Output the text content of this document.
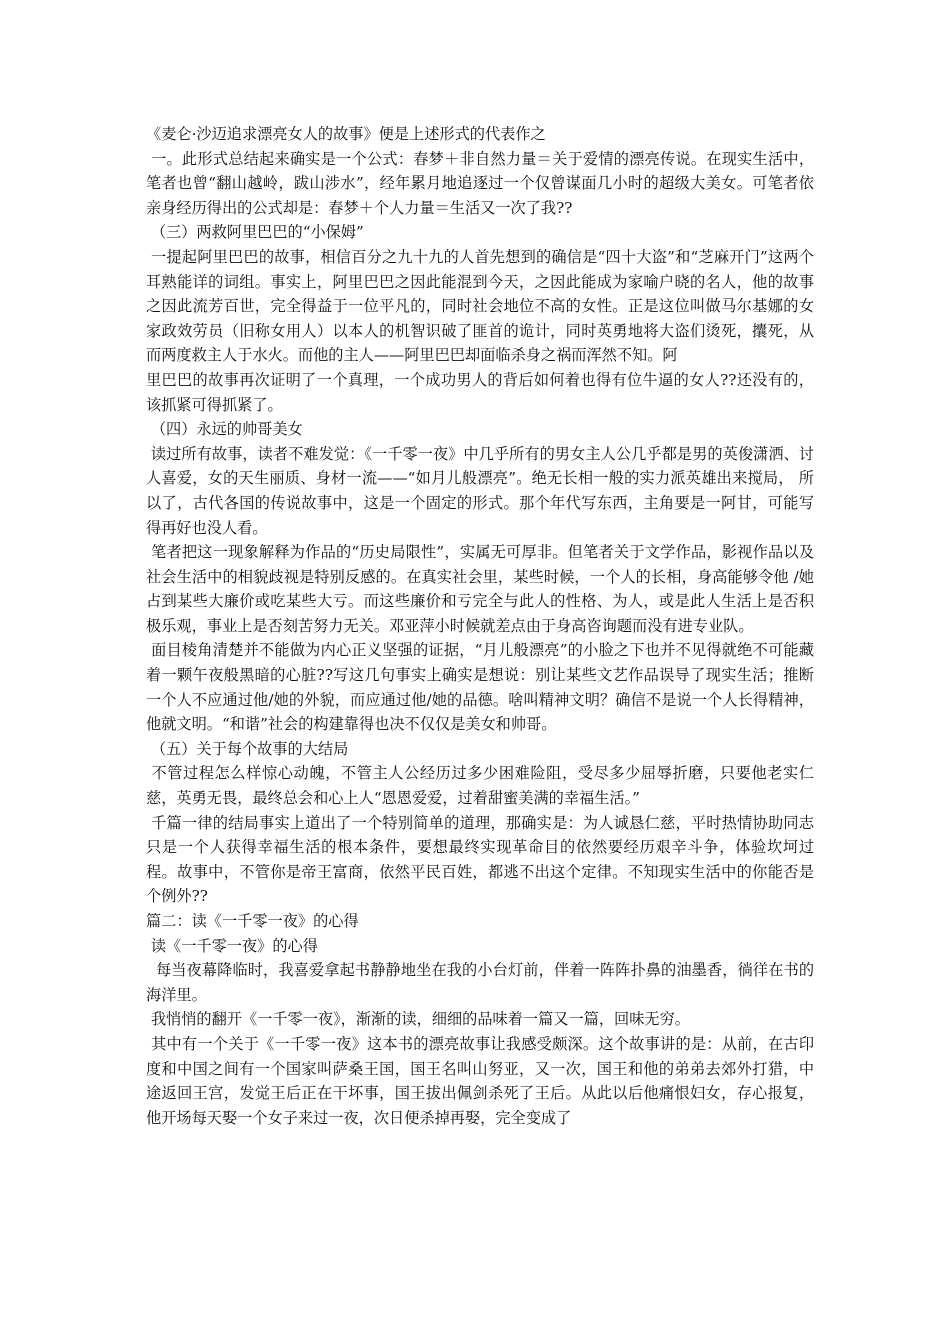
《麦仑·沙迈追求漂亮女人的故事》便是上述形式的代表作之

一。此形式总结起来确实是一个公式：春梦＋非自然力量＝关于爱情的漂亮传说。在现实生活中，笔者也曾“翻山越岭，跋山涉水”，经年累月地追逐过一个仅曾谋面几小时的超级大美女。可笔者依亲身经历得出的公式却是：春梦＋个人力量＝生活又一次了我??

（三）两救阿里巴巴的“小保姆”

一提起阿里巴巴的故事，相信百分之九十九的人首先想到的确信是“四十大盗”和“芝麻开门”这两个耳熟能详的词组。事实上，阿里巴巴之因此能混到今天，之因此能成为家喻户晓的名人，他的故事之因此流芳百世，完全得益于一位平凡的，同时社会地位不高的女性。正是这位叫做马尔基娜的女家政效劳员（旧称女用人）以本人的机智识破了匪首的诡计，同时英勇地将大盗们烫死，攮死，从而两度救主人于水火。而他的主人——阿里巴巴却面临杀身之祸而浑然不知。阿

里巴巴的故事再次证明了一个真理，一个成功男人的背后如何着也得有位牛逼的女人??还没有的，该抓紧可得抓紧了。

（四）永远的帅哥美女

读过所有故事，读者不难发觉：《一千零一夜》中几乎所有的男女主人公几乎都是男的英俊潇洒、讨人喜爱，女的天生丽质、身材一流——“如月儿般漂亮”。绝无长相一般的实力派英雄出来搅局， 所以了，古代各国的传说故事中，这是一个固定的形式。那个年代写东西，主角要是一阿甘，可能写得再好也没人看。

笔者把这一现象解释为作品的“历史局限性”，实属无可厚非。但笔者关于文学作品，影视作品以及社会生活中的相貌歧视是特别反感的。在真实社会里，某些时候，一个人的长相，身高能够令他 /她占到某些大廉价或吃某些大亏。而这些廉价和亏完全与此人的性格、为人，或是此人生活上是否积极乐观，事业上是否刻苦努力无关。邓亚萍小时候就差点由于身高咨询题而没有进专业队。

面目棱角清楚并不能做为内心正义坚强的证据，“月儿般漂亮”的小脸之下也并不见得就绝不可能藏着一颗午夜般黑暗的心脏??写这几句事实上确实是想说：别让某些文艺作品误导了现实生活；推断一个人不应通过他/她的外貌，而应通过他/她的品德。啥叫精神文明？确信不是说一个人长得精神，他就文明。“和谐”社会的构建靠得也决不仅仅是美女和帅哥。

（五）关于每个故事的大结局

不管过程怎么样惊心动魄，不管主人公经历过多少困难险阻，受尽多少屈辱折磨，只要他老实仁慈，英勇无畏，最终总会和心上人“恩恩爱爱，过着甜蜜美满的幸福生活。”

千篇一律的结局事实上道出了一个特别简单的道理，那确实是：为人诚恳仁慈，平时热情协助同志只是一个人获得幸福生活的根本条件，要想最终实现革命目的依然要经历艰辛斗争，体验坎坷过程。故事中，不管你是帝王富商，依然平民百姓，都逃不出这个定律。不知现实生活中的你能否是个例外??

篇二：读《一千零一夜》的心得

读《一千零一夜》的心得

每当夜幕降临时，我喜爱拿起书静静地坐在我的小台灯前，伴着一阵阵扑鼻的油墨香，徜徉在书的海洋里。

我悄悄的翻开《一千零一夜》，渐渐的读，细细的品味着一篇又一篇，回味无穷。

其中有一个关于《一千零一夜》这本书的漂亮故事让我感受颇深。这个故事讲的是：从前，在古印度和中国之间有一个国家叫萨桑王国，国王名叫山努亚，又一次，国王和他的弟弟去郊外打猎，中途返回王宫，发觉王后正在干坏事，国王拔出佩剑杀死了王后。从此以后他痛恨妇女，存心报复，他开场每天娶一个女子来过一夜，次日便杀掉再娶，完全变成了
